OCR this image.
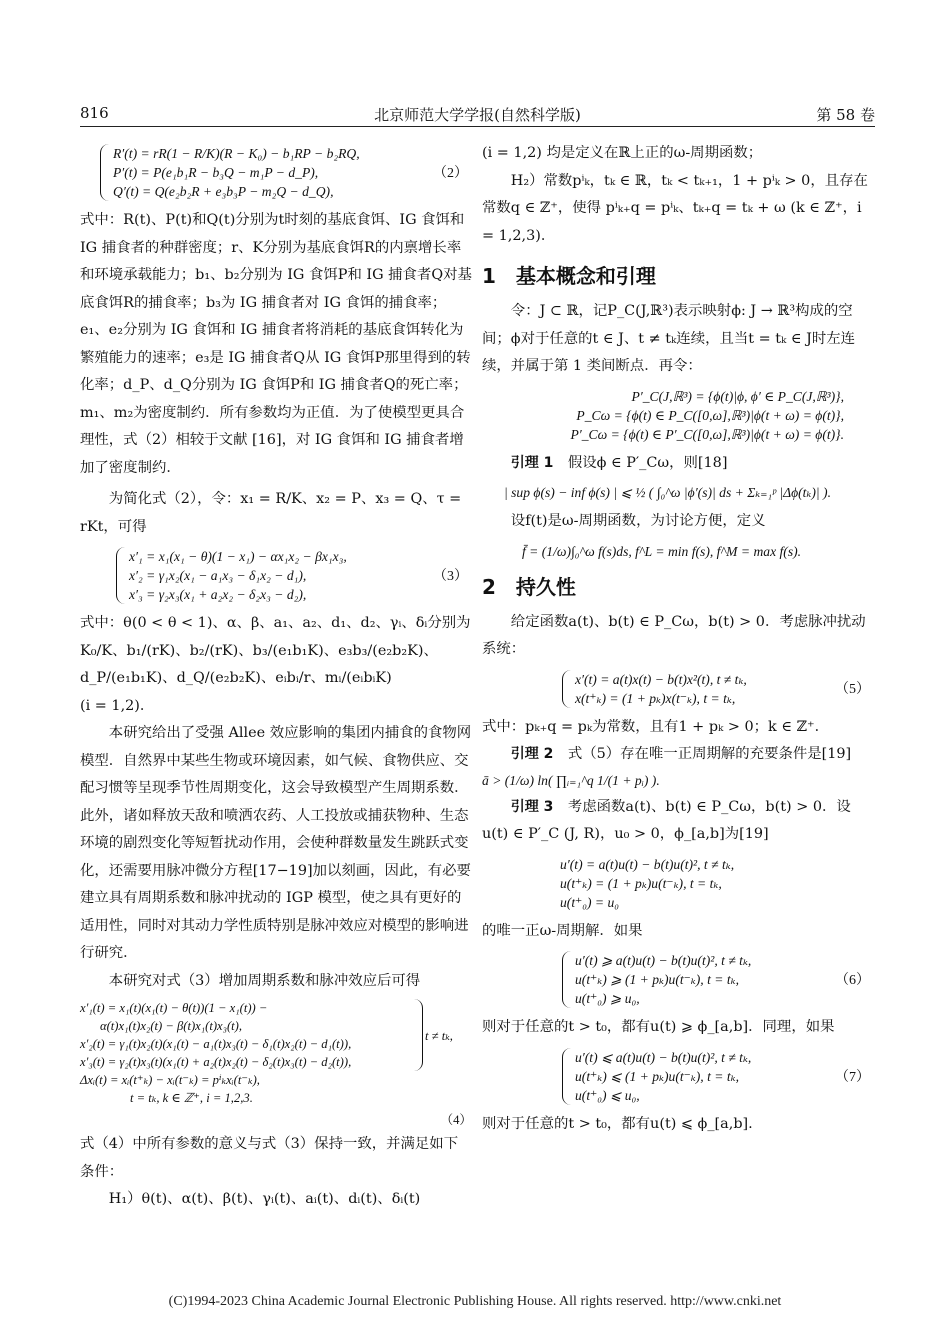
816	北京师范大学学报(自然科学版)	第 58 卷
R′(t) = rR(1 − R/K)(R − K₀) − b₁RP − b₂RQ,
P′(t) = P(e₁b₁R − b₃Q − m₁P − d_P),
Q′(t) = Q(e₂b₂R + e₃b₃P − m₂Q − d_Q),
（2）

式中：R(t)、P(t)和Q(t)分别为t时刻的基底食饵、IG 食饵和 IG 捕食者的种群密度；r、K分别为基底食饵R的内禀增长率和环境承载能力；b₁、b₂分别为 IG 食饵P和 IG 捕食者Q对基底食饵R的捕食率；b₃为 IG 捕食者对 IG 食饵的捕食率；e₁、e₂分别为 IG 食饵和 IG 捕食者将消耗的基底食饵转化为繁殖能力的速率；e₃是 IG 捕食者Q从 IG 食饵P那里得到的转化率；d_P、d_Q分别为 IG 食饵P和 IG 捕食者Q的死亡率；m₁、m₂为密度制约．所有参数均为正值．为了使模型更具合理性，式（2）相较于文献 [16]，对 IG 食饵和 IG 捕食者增加了密度制约．

为简化式（2），令：x₁ = R/K、x₂ = P、x₃ = Q、τ = rKt，可得

x′₁ = x₁(x₁ − θ)(1 − x₁) − αx₁x₂ − βx₁x₃,
x′₂ = γ₁x₂(x₁ − a₁x₃ − δ₁x₂ − d₁),
x′₃ = γ₂x₃(x₁ + a₂x₂ − δ₂x₃ − d₂),
（3）

式中：θ(0 < θ < 1)、α、β、a₁、a₂、d₁、d₂、γᵢ、δᵢ分别为 K₀/K、b₁/(rK)、b₂/(rK)、b₃/(e₁b₁K)、e₃b₃/(e₂b₂K)、d_P/(e₁b₁K)、d_Q/(e₂b₂K)、eᵢbᵢ/r、mᵢ/(eᵢbᵢK)

(i = 1,2)．

本研究给出了受强 Allee 效应影响的集团内捕食的食物网模型．自然界中某些生物或环境因素，如气候、食物供应、交配习惯等呈现季节性周期变化，这会导致模型产生周期系数．此外，诸如释放天敌和喷洒农药、人工投放或捕获物种、生态环境的剧烈变化等短暂扰动作用，会使种群数量发生跳跃式变化，还需要用脉冲微分方程[17−19]加以刻画，因此，有必要建立具有周期系数和脉冲扰动的 IGP 模型，使之具有更好的适用性，同时对其动力学性质特别是脉冲效应对模型的影响进行研究．

本研究对式（3）增加周期系数和脉冲效应后可得

x′₁(t) = x₁(t)(x₁(t) − θ(t))(1 − x₁(t)) −
α(t)x₁(t)x₂(t) − β(t)x₁(t)x₃(t),
x′₂(t) = γ₁(t)x₂(t)(x₁(t) − a₁(t)x₃(t) − δ₁(t)x₂(t) − d₁(t)),
x′₃(t) = γ₂(t)x₃(t)(x₁(t) + a₂(t)x₂(t) − δ₂(t)x₃(t) − d₂(t)),
t ≠ tₖ,
Δxᵢ(t) = xᵢ(t⁺ₖ) − xᵢ(t⁻ₖ) = pⁱₖxᵢ(t⁻ₖ),
t = tₖ, k ∈ ℤ⁺, i = 1,2,3.
（4）

式（4）中所有参数的意义与式（3）保持一致，并满足如下条件：

H₁）θ(t)、α(t)、β(t)、γᵢ(t)、aᵢ(t)、dᵢ(t)、δᵢ(t)

(i = 1,2) 均是定义在ℝ上正的ω-周期函数；

H₂）常数pⁱₖ，tₖ ∈ ℝ，tₖ < tₖ₊₁，1 + pⁱₖ > 0，且存在常数q ∈ ℤ⁺，使得 pⁱₖ₊q = pⁱₖ、tₖ₊q = tₖ + ω (k ∈ ℤ⁺，i = 1,2,3)．

1　基本概念和引理

令：J ⊂ ℝ，记P_C(J,ℝ³)表示映射ϕ: J → ℝ³构成的空间；ϕ对于任意的t ∈ J、t ≠ tₖ连续，且当t = tₖ ∈ J时左连续，并属于第 1 类间断点．再令：

P′_C(J,ℝ³) = {ϕ(t)|ϕ, ϕ′ ∈ P_C(J,ℝ³)},
P_Cω = {ϕ(t) ∈ P_C([0,ω],ℝ³)|ϕ(t + ω) = ϕ(t)},
P′_Cω = {ϕ(t) ∈ P′_C([0,ω],ℝ³)|ϕ(t + ω) = ϕ(t)}.

引理 1　 假设ϕ ∈ P′_Cω，则[18]

| sup ϕ(s) − inf ϕ(s) | ⩽ ½ ( ∫₀^ω |ϕ′(s)| ds + Σₖ₌₁ᵖ |Δϕ(tₖ)| ).

设f(t)是ω-周期函数，为讨论方便，定义

f̄ = (1/ω)∫₀^ω f(s)ds, f^L = min f(s), f^M = max f(s).
2　持久性

给定函数a(t)、b(t) ∈ P_Cω，b(t) > 0．考虑脉冲扰动系统：

x′(t) = a(t)x(t) − b(t)x²(t), t ≠ tₖ,
x(t⁺ₖ) = (1 + pₖ)x(t⁻ₖ), t = tₖ,
（5）

式中：pₖ₊q = pₖ为常数，且有1 + pₖ > 0；k ∈ ℤ⁺．

引理 2　 式（5）存在唯一正周期解的充要条件是[19]

ā > (1/ω) ln( ∏ᵢ₌₁^q 1/(1 + pᵢ) ).

引理 3　 考虑函数a(t)、b(t) ∈ P_Cω，b(t) > 0．设u(t) ∈ P′_C (J, R)，u₀ > 0，ϕ_[a,b]为[19]

u′(t) = a(t)u(t) − b(t)u(t)², t ≠ tₖ,
u(t⁺ₖ) = (1 + pₖ)u(t⁻ₖ), t = tₖ,
u(t⁺₀) = u₀

的唯一正ω-周期解．如果

u′(t) ⩾ a(t)u(t) − b(t)u(t)², t ≠ tₖ,
u(t⁺ₖ) ⩾ (1 + pₖ)u(t⁻ₖ), t = tₖ,
u(t⁺₀) ⩾ u₀,
（6）

则对于任意的t > t₀，都有u(t) ⩾ ϕ_[a,b]．同理，如果

u′(t) ⩽ a(t)u(t) − b(t)u(t)², t ≠ tₖ,
u(t⁺ₖ) ⩽ (1 + pₖ)u(t⁻ₖ), t = tₖ,
u(t⁺₀) ⩽ u₀,
（7）

则对于任意的t > t₀，都有u(t) ⩽ ϕ_[a,b].

(C)1994-2023 China Academic Journal Electronic Publishing House. All rights reserved. http://www.cnki.net
